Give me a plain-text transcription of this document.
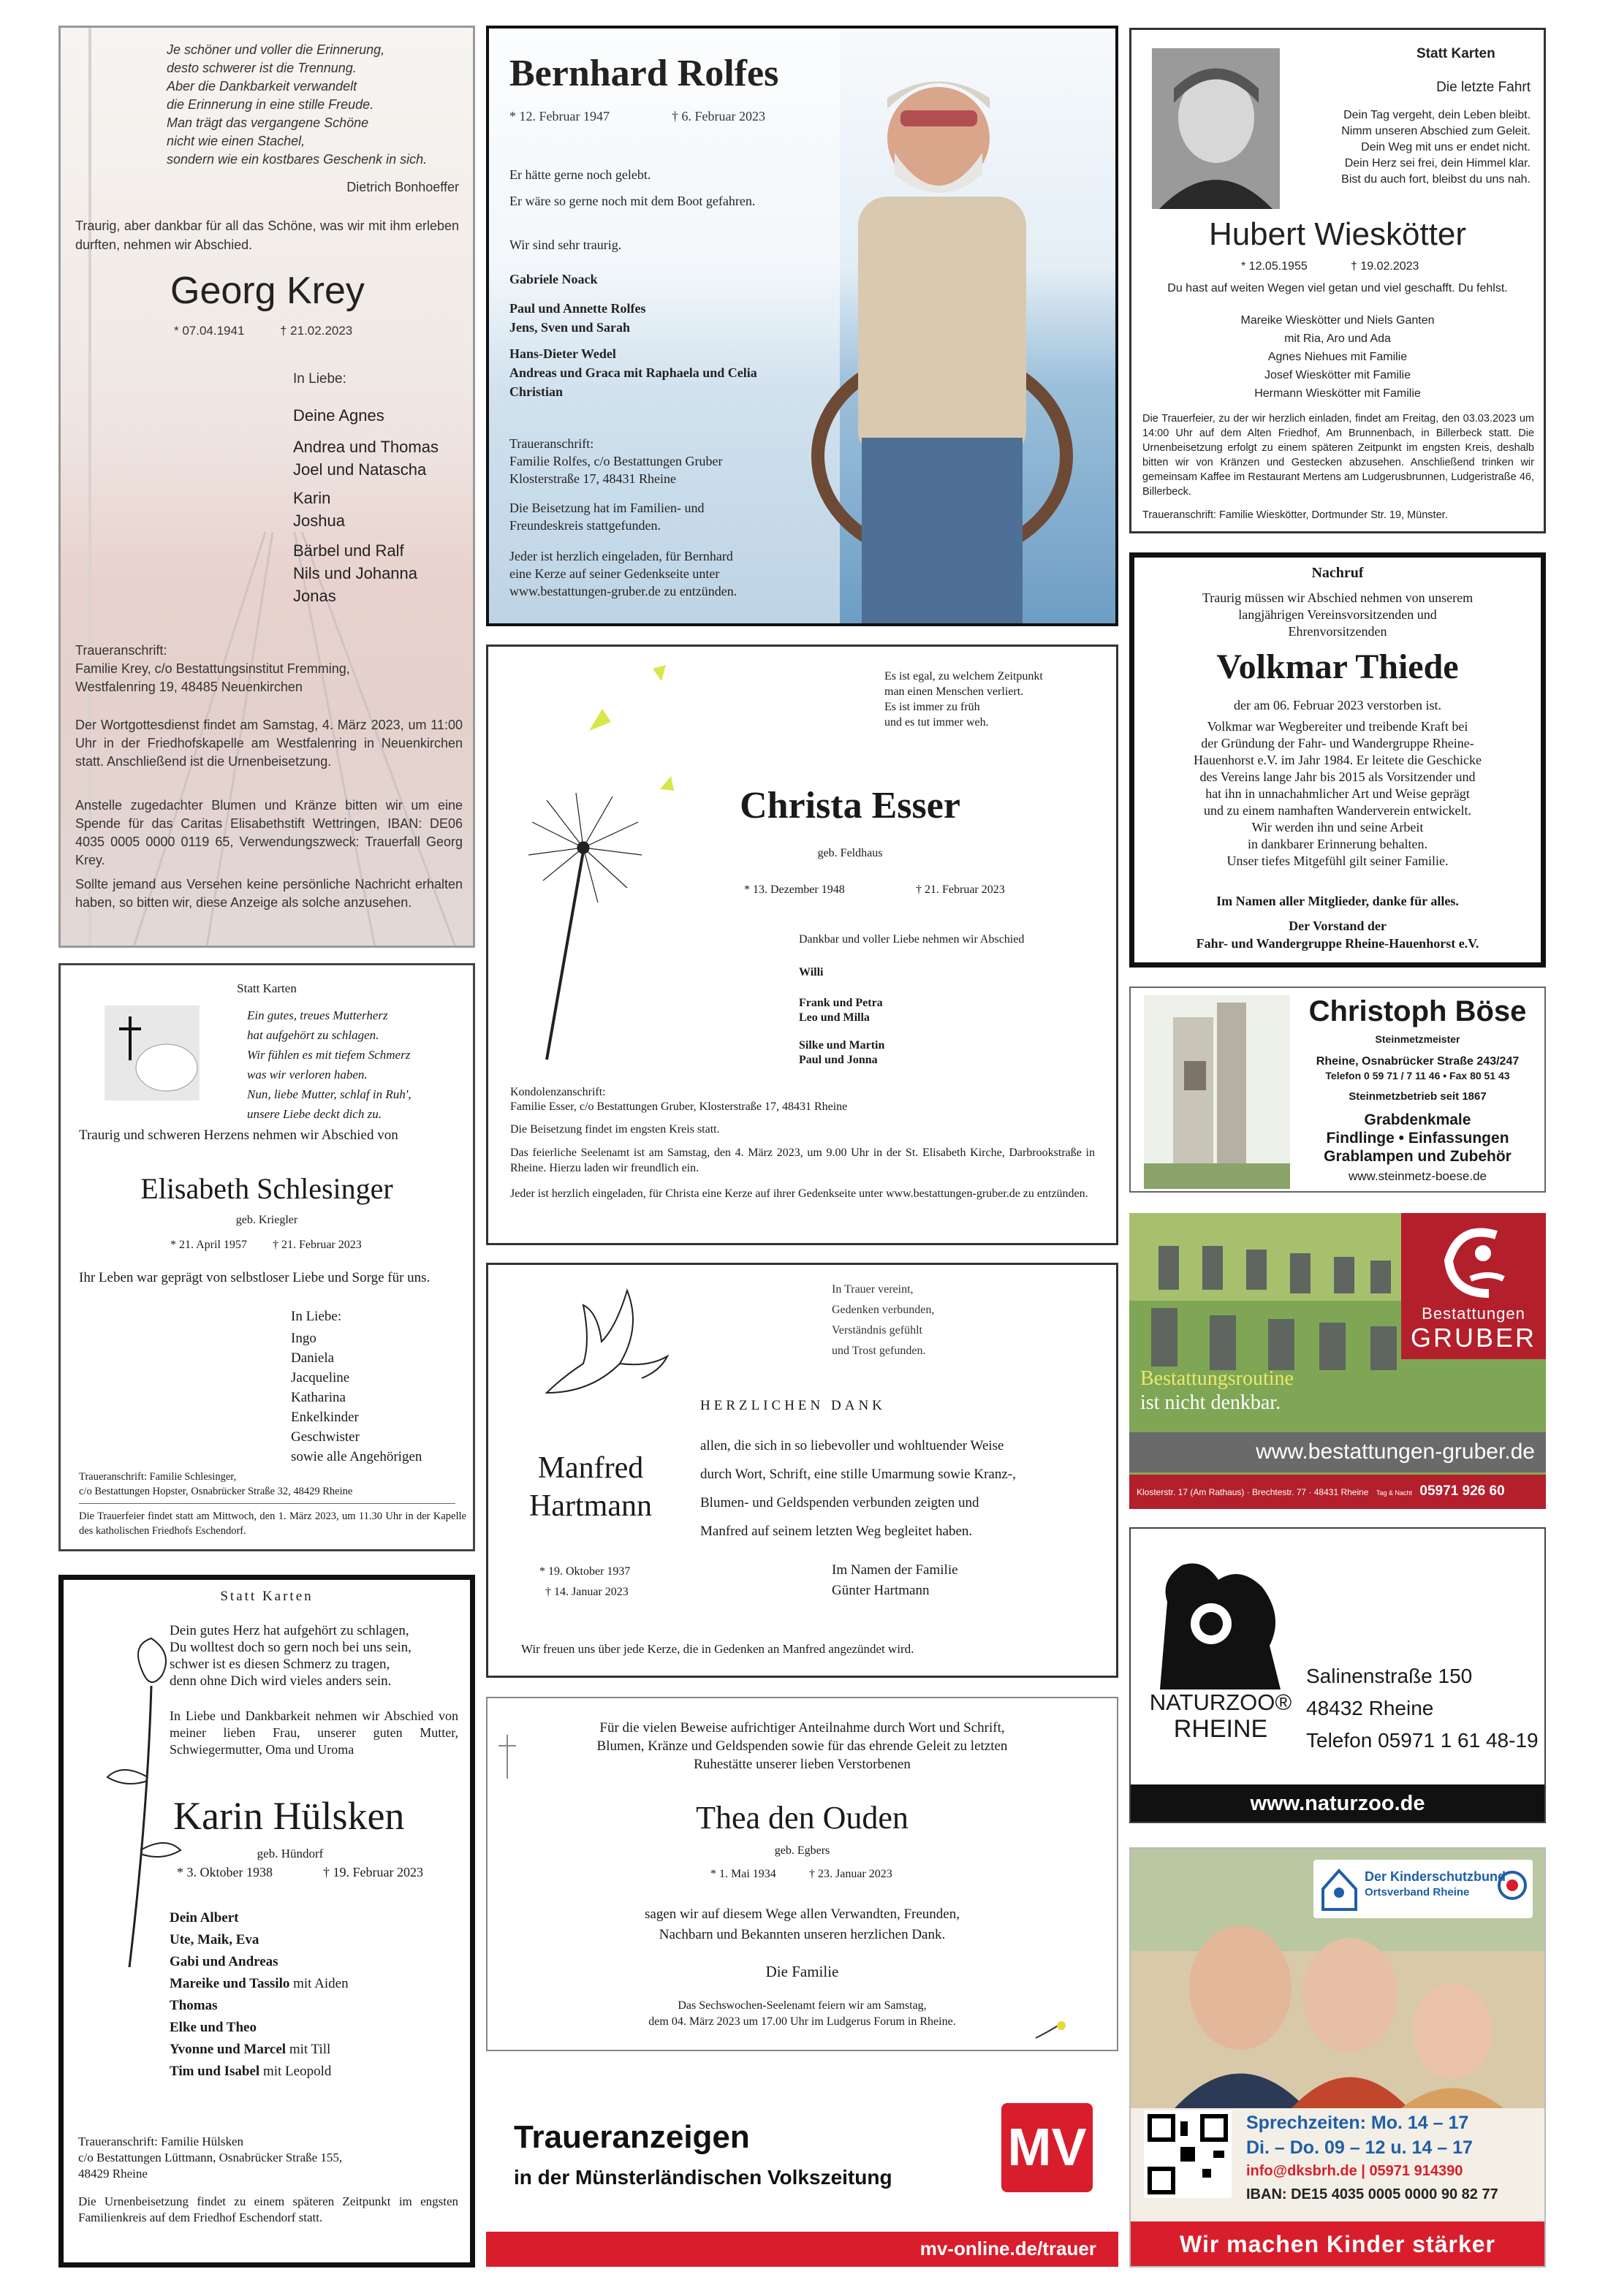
Je schöner und voller die Erinnerung,
desto schwerer ist die Trennung.
Aber die Dankbarkeit verwandelt
die Erinnerung in eine stille Freude.
Man trägt das vergangene Schöne
nicht wie einen Stachel,
sondern wie ein kostbares Geschenk in sich.
Dietrich Bonhoeffer
Traurig, aber dankbar für all das Schöne, was wir mit ihm erleben durften, nehmen wir Abschied.
Georg Krey
* 07.04.1941	† 21.02.2023
In Liebe:
Deine Agnes
Andrea und Thomas
Joel und Natascha
Karin
Joshua
Bärbel und Ralf
Nils und Johanna
Jonas
Traueranschrift:
Familie Krey, c/o Bestattungsinstitut Fremming,
Westfalenring 19, 48485 Neuenkirchen
Der Wortgottesdienst findet am Samstag, 4. März 2023, um 11:00 Uhr in der Friedhofskapelle am Westfalenring in Neuenkirchen statt. Anschließend ist die Urnenbeisetzung.
Anstelle zugedachter Blumen und Kränze bitten wir um eine Spende für das Caritas Elisabethstift Wettringen, IBAN: DE06 4035 0005 0000 0119 65, Verwendungszweck: Trauerfall Georg Krey.
Sollte jemand aus Versehen keine persönliche Nachricht erhalten haben, so bitten wir, diese Anzeige als solche anzusehen.
Bernhard Rolfes
* 12. Februar 1947	† 6. Februar 2023
Er hätte gerne noch gelebt.
Er wäre so gerne noch mit dem Boot gefahren.
Wir sind sehr traurig.
Gabriele Noack
Paul und Annette Rolfes
Jens, Sven und Sarah
Hans-Dieter Wedel
Andreas und Graca mit Raphaela und Celia
Christian
Traueranschrift:
Familie Rolfes, c/o Bestattungen Gruber
Klosterstraße 17, 48431 Rheine
Die Beisetzung hat im Familien- und
Freundeskreis stattgefunden.
Jeder ist herzlich eingeladen, für Bernhard
eine Kerze auf seiner Gedenkseite unter
www.bestattungen-gruber.de zu entzünden.
Statt Karten
Die letzte Fahrt
Dein Tag vergeht, dein Leben bleibt.
Nimm unseren Abschied zum Geleit.
Dein Weg mit uns er endet nicht.
Dein Herz sei frei, dein Himmel klar.
Bist du auch fort, bleibst du uns nah.
Hubert Wieskötter
* 12.05.1955	† 19.02.2023
Du hast auf weiten Wegen viel getan und viel geschafft. Du fehlst.
Mareike Wieskötter und Niels Ganten
mit Ria, Aro und Ada
Agnes Niehues mit Familie
Josef Wieskötter mit Familie
Hermann Wieskötter mit Familie
Die Trauerfeier, zu der wir herzlich einladen, findet am Freitag, den 03.03.2023 um 14:00 Uhr auf dem Alten Friedhof, Am Brunnenbach, in Billerbeck statt. Die Urnenbeisetzung erfolgt zu einem späteren Zeitpunkt im engsten Kreis, deshalb bitten wir von Kränzen und Gestecken abzusehen. Anschließend trinken wir gemeinsam Kaffee im Restaurant Mertens am Ludgerusbrunnen, Ludgeristraße 46, Billerbeck.
Traueranschrift: Familie Wieskötter, Dortmunder Str. 19, Münster.
Nachruf
Traurig müssen wir Abschied nehmen von unserem
langjährigen Vereinsvorsitzenden und
Ehrenvorsitzenden
Volkmar Thiede
der am 06. Februar 2023 verstorben ist.
Volkmar war Wegbereiter und treibende Kraft bei
der Gründung der Fahr- und Wandergruppe Rheine-
Hauenhorst e.V. im Jahr 1984. Er leitete die Geschicke
des Vereins lange Jahr bis 2015 als Vorsitzender und
hat ihn in unnachahmlicher Art und Weise geprägt
und zu einem namhaften Wanderverein entwickelt.
Wir werden ihn und seine Arbeit
in dankbarer Erinnerung behalten.
Unser tiefes Mitgefühl gilt seiner Familie.
Im Namen aller Mitglieder, danke für alles.
Der Vorstand der
Fahr- und Wandergruppe Rheine-Hauenhorst e.V.
Es ist egal, zu welchem Zeitpunkt
man einen Menschen verliert.
Es ist immer zu früh
und es tut immer weh.
Christa Esser
geb. Feldhaus
* 13. Dezember 1948	† 21. Februar 2023
Dankbar und voller Liebe nehmen wir Abschied
Willi
Frank und Petra
Leo und Milla
Silke und Martin
Paul und Jonna
Kondolenzanschrift:
Familie Esser, c/o Bestattungen Gruber, Klosterstraße 17, 48431 Rheine
Die Beisetzung findet im engsten Kreis statt.
Das feierliche Seelenamt ist am Samstag, den 4. März 2023, um 9.00 Uhr in der St. Elisabeth Kirche, Darbrookstraße in Rheine. Hierzu laden wir freundlich ein.
Jeder ist herzlich eingeladen, für Christa eine Kerze auf ihrer Gedenkseite unter www.bestattungen-gruber.de zu entzünden.
Christoph Böse
Steinmetzmeister
Rheine, Osnabrücker Straße 243/247
Telefon 0 59 71 / 7 11 46 • Fax 80 51 43
Steinmetzbetrieb seit 1867
Grabdenkmale
Findlinge • Einfassungen
Grablampen und Zubehör
www.steinmetz-boese.de
Bestattungen
GRUBER
Bestattungsroutine
ist nicht denkbar.
www.bestattungen-gruber.de
Klosterstr. 17 (Am Rathaus) · Brechtestr. 77 · 48431 Rheine Tag & Nacht 05971 926 60
Statt Karten
Ein gutes, treues Mutterherz
hat aufgehört zu schlagen.
Wir fühlen es mit tiefem Schmerz
was wir verloren haben.
Nun, liebe Mutter, schlaf in Ruh',
unsere Liebe deckt dich zu.
Traurig und schweren Herzens nehmen wir Abschied von
Elisabeth Schlesinger
geb. Kriegler
* 21. April 1957 † 21. Februar 2023
Ihr Leben war geprägt von selbstloser Liebe und Sorge für uns.
In Liebe:
Ingo
Daniela
Jacqueline
Katharina
Enkelkinder
Geschwister
sowie alle Angehörigen
Traueranschrift: Familie Schlesinger,
c/o Bestattungen Hopster, Osnabrücker Straße 32, 48429 Rheine
Die Trauerfeier findet statt am Mittwoch, den 1. März 2023, um 11.30 Uhr in der Kapelle des katholischen Friedhofs Eschendorf.
In Trauer vereint,
Gedenken verbunden,
Verständnis gefühlt
und Trost gefunden.
HERZLICHEN DANK
allen, die sich in so liebevoller und wohltuender Weise
durch Wort, Schrift, eine stille Umarmung sowie Kranz-,
Blumen- und Geldspenden verbunden zeigten und
Manfred auf seinem letzten Weg begleitet haben.
Manfred
Hartmann
* 19. Oktober 1937
† 14. Januar 2023
Im Namen der Familie
Günter Hartmann
Wir freuen uns über jede Kerze, die in Gedenken an Manfred angezündet wird.
NATURZOO®
RHEINE
Salinenstraße 150
48432 Rheine
Telefon 05971 1 61 48-19
www.naturzoo.de
Statt Karten
Dein gutes Herz hat aufgehört zu schlagen,
Du wolltest doch so gern noch bei uns sein,
schwer ist es diesen Schmerz zu tragen,
denn ohne Dich wird vieles anders sein.
In Liebe und Dankbarkeit nehmen wir Abschied von meiner lieben Frau, unserer guten Mutter, Schwiegermutter, Oma und Uroma
Karin Hülsken
geb. Hündorf
* 3. Oktober 1938	† 19. Februar 2023
Dein Albert
Ute, Maik, Eva
Gabi und Andreas
Mareike und Tassilo mit Aiden
Thomas
Elke und Theo
Yvonne und Marcel mit Till
Tim und Isabel mit Leopold
Traueranschrift: Familie Hülsken
c/o Bestattungen Lüttmann, Osnabrücker Straße 155,
48429 Rheine
Die Urnenbeisetzung findet zu einem späteren Zeitpunkt im engsten Familienkreis auf dem Friedhof Eschendorf statt.
Für die vielen Beweise aufrichtiger Anteilnahme durch Wort und Schrift,
Blumen, Kränze und Geldspenden sowie für das ehrende Geleit zu letzten
Ruhestätte unserer lieben Verstorbenen
Thea den Ouden
geb. Egbers
* 1. Mai 1934	† 23. Januar 2023
sagen wir auf diesem Wege allen Verwandten, Freunden,
Nachbarn und Bekannten unseren herzlichen Dank.
Die Familie
Das Sechswochen-Seelenamt feiern wir am Samstag,
dem 04. März 2023 um 17.00 Uhr im Ludgerus Forum in Rheine.
Der Kinderschutzbund
Ortsverband Rheine
Sprechzeiten: Mo. 14 – 17
Di. – Do. 09 – 12 u. 14 – 17
info@dksbrh.de | 05971 914390
IBAN: DE15 4035 0005 0000 90 82 77
Wir machen Kinder stärker
Traueranzeigen
in der Münsterländischen Volkszeitung
MV
mv-online.de/trauer
